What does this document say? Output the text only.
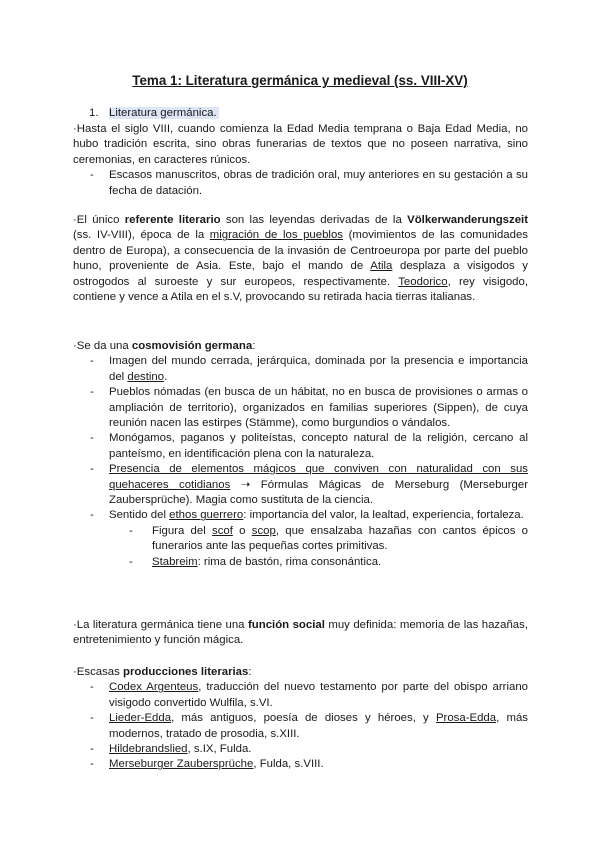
Tema 1: Literatura germánica y medieval (ss. VIII-XV)
1. Literatura germánica.
·Hasta el siglo VIII, cuando comienza la Edad Media temprana o Baja Edad Media, no hubo tradición escrita, sino obras funerarias de textos que no poseen narrativa, sino ceremonias, en caracteres rúnicos.
- Escasos manuscritos, obras de tradición oral, muy anteriores en su gestación a su fecha de datación.
·El único referente literario son las leyendas derivadas de la Völkerwanderungszeit (ss. IV-VIII), época de la migración de los pueblos (movimientos de las comunidades dentro de Europa), a consecuencia de la invasión de Centroeuropa por parte del pueblo huno, proveniente de Asia. Este, bajo el mando de Atila desplaza a visigodos y ostrogodos al suroeste y sur europeos, respectivamente. Teodorico, rey visigodo, contiene y vence a Atila en el s.V, provocando su retirada hacia tierras italianas.
·Se da una cosmovisión germana:
- Imagen del mundo cerrada, jerárquica, dominada por la presencia e importancia del destino.
- Pueblos nómadas (en busca de un hábitat, no en busca de provisiones o armas o ampliación de territorio), organizados en familias superiores (Sippen), de cuya reunión nacen las estirpes (Stämme), como burgundios o vándalos.
- Monógamos, paganos y politeístas, concepto natural de la religión, cercano al panteísmo, en identificación plena con la naturaleza.
- Presencia de elementos mágicos que conviven con naturalidad con sus quehaceres cotidianos ➝ Fórmulas Mágicas de Merseburg (Merseburger Zaubersprüche). Magia como sustituta de la ciencia.
- Sentido del ethos guerrero: importancia del valor, la lealtad, experiencia, fortaleza.
- Figura del scof o scop, que ensalzaba hazañas con cantos épicos o funerarios ante las pequeñas cortes primitivas.
- Stabreim: rima de bastón, rima consonántica.
·La literatura germánica tiene una función social muy definida: memoria de las hazañas, entretenimiento y función mágica.
·Escasas producciones literarias:
- Codex Argenteus, traducción del nuevo testamento por parte del obispo arriano visigodo convertido Wulfila, s.VI.
- Lieder-Edda, más antiguos, poesía de dioses y héroes, y Prosa-Edda, más modernos, tratado de prosodia, s.XIII.
- Hildebrandslied, s.IX, Fulda.
- Merseburger Zaubersprüche, Fulda, s.VIII.
